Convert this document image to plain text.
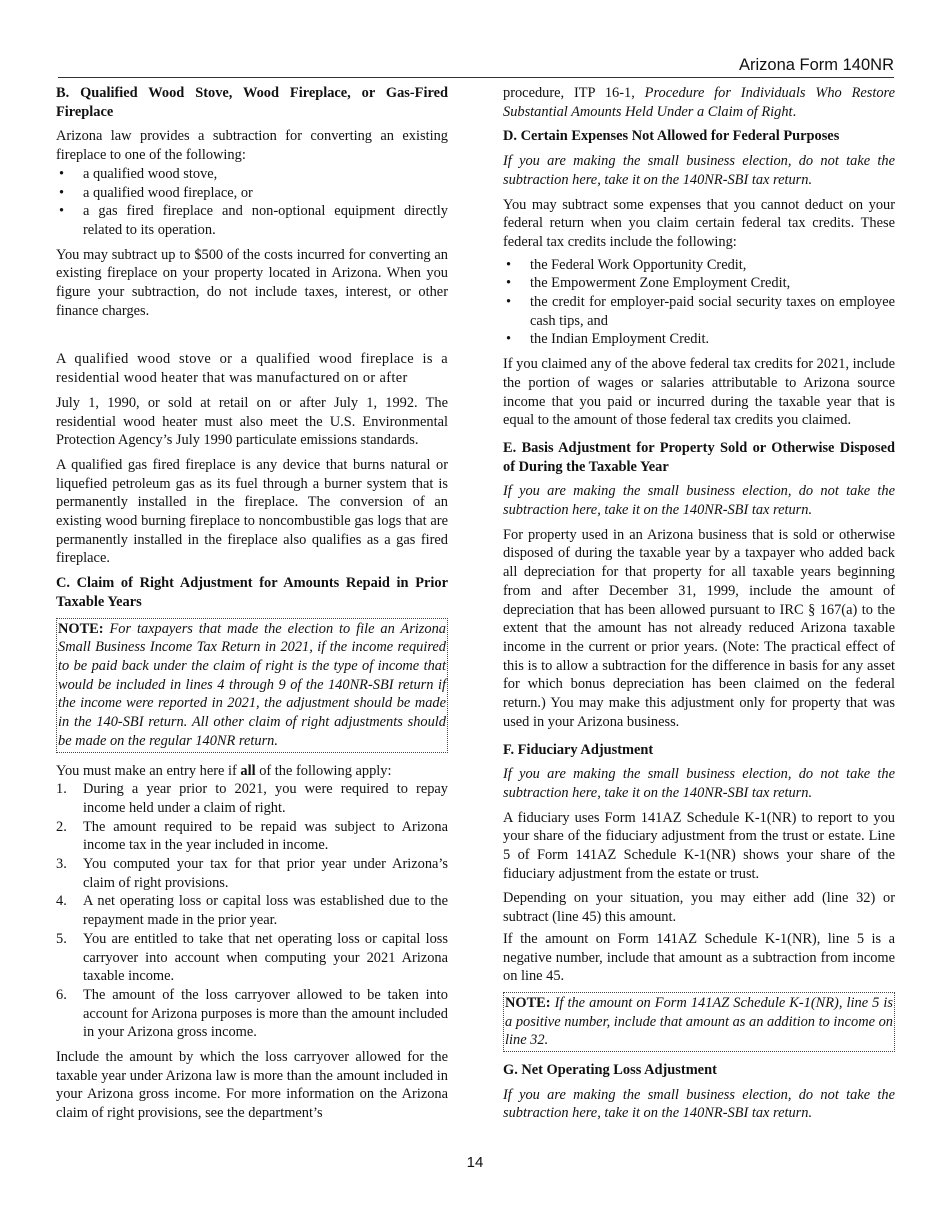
Arizona Form 140NR
B. Qualified Wood Stove, Wood Fireplace, or Gas-Fired Fireplace

Arizona law provides a subtraction for converting an existing fireplace to one of the following:

• a qualified wood stove,
• a qualified wood fireplace, or
• a gas fired fireplace and non-optional equipment directly related to its operation.

You may subtract up to $500 of the costs incurred for converting an existing fireplace on your property located in Arizona. When you figure your subtraction, do not include taxes, interest, or other finance charges.

A qualified wood stove or a qualified wood fireplace is a residential wood heater that was manufactured on or after

July 1, 1990, or sold at retail on or after July 1, 1992. The residential wood heater must also meet the U.S. Environmental Protection Agency’s July 1990 particulate emissions standards.

A qualified gas fired fireplace is any device that burns natural or liquefied petroleum gas as its fuel through a burner system that is permanently installed in the fireplace. The conversion of an existing wood burning fireplace to noncombustible gas logs that are permanently installed in the fireplace also qualifies as a gas fired fireplace.

C. Claim of Right Adjustment for Amounts Repaid in Prior Taxable Years
NOTE: For taxpayers that made the election to file an Arizona Small Business Income Tax Return in 2021, if the income required to be paid back under the claim of right is the type of income that would be included in lines 4 through 9 of the 140NR-SBI return if the income were reported in 2021, the adjustment should be made in the 140-SBI return. All other claim of right adjustments should be made on the regular 140NR return.

You must make an entry here if all of the following apply:

1. During a year prior to 2021, you were required to repay income held under a claim of right.
2. The amount required to be repaid was subject to Arizona income tax in the year included in income.
3. You computed your tax for that prior year under Arizona’s claim of right provisions.
4. A net operating loss or capital loss was established due to the repayment made in the prior year.
5. You are entitled to take that net operating loss or capital loss carryover into account when computing your 2021 Arizona taxable income.
6. The amount of the loss carryover allowed to be taken into account for Arizona purposes is more than the amount included in your Arizona gross income.

Include the amount by which the loss carryover allowed for the taxable year under Arizona law is more than the amount included in your Arizona gross income. For more information on the Arizona claim of right provisions, see the department’s

procedure, ITP 16-1, Procedure for Individuals Who Restore Substantial Amounts Held Under a Claim of Right.

D. Certain Expenses Not Allowed for Federal Purposes

If you are making the small business election, do not take the subtraction here, take it on the 140NR-SBI tax return.

You may subtract some expenses that you cannot deduct on your federal return when you claim certain federal tax credits. These federal tax credits include the following:

• the Federal Work Opportunity Credit,
• the Empowerment Zone Employment Credit,
• the credit for employer-paid social security taxes on employee cash tips, and
• the Indian Employment Credit.

If you claimed any of the above federal tax credits for 2021, include the portion of wages or salaries attributable to Arizona source income that you paid or incurred during the taxable year that is equal to the amount of those federal tax credits you claimed.

E. Basis Adjustment for Property Sold or Otherwise Disposed of During the Taxable Year

If you are making the small business election, do not take the subtraction here, take it on the 140NR-SBI tax return.

For property used in an Arizona business that is sold or otherwise disposed of during the taxable year by a taxpayer who added back all depreciation for that property for all taxable years beginning from and after December 31, 1999, include the amount of depreciation that has been allowed pursuant to IRC § 167(a) to the extent that the amount has not already reduced Arizona taxable income in the current or prior years. (Note: The practical effect of this is to allow a subtraction for the difference in basis for any asset for which bonus depreciation has been claimed on the federal return.) You may make this adjustment only for property that was used in your Arizona business.

F. Fiduciary Adjustment

If you are making the small business election, do not take the subtraction here, take it on the 140NR-SBI tax return.

A fiduciary uses Form 141AZ Schedule K-1(NR) to report to you your share of the fiduciary adjustment from the trust or estate. Line 5 of Form 141AZ Schedule K-1(NR) shows your share of the fiduciary adjustment from the estate or trust.

Depending on your situation, you may either add (line 32) or subtract (line 45) this amount.

If the amount on Form 141AZ Schedule K-1(NR), line 5 is a negative number, include that amount as a subtraction from income on line 45.

NOTE: If the amount on Form 141AZ Schedule K-1(NR), line 5 is a positive number, include that amount as an addition to income on line 32.
G. Net Operating Loss Adjustment

If you are making the small business election, do not take the subtraction here, take it on the 140NR-SBI tax return.

14
